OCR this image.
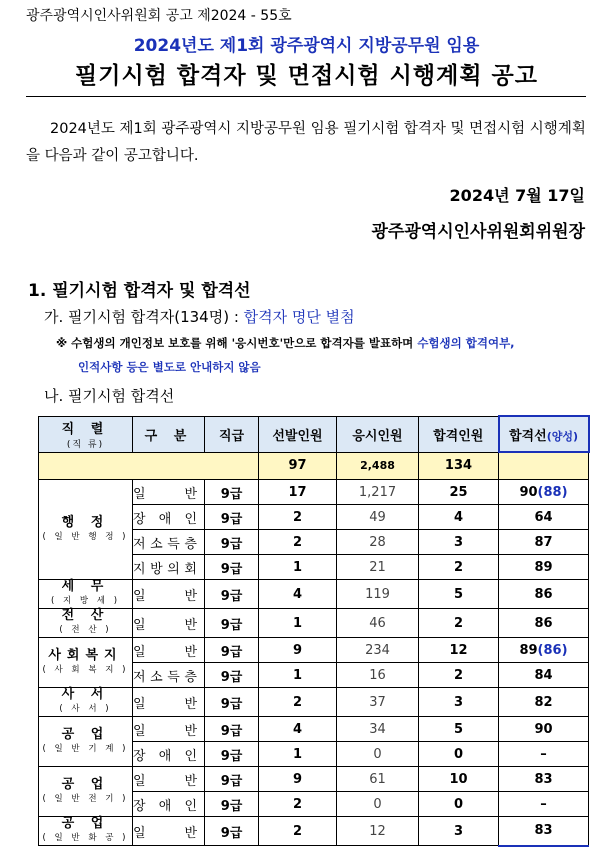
광주광역시인사위원회 공고 제2024 - 55호
2024년도 제1회 광주광역시 지방공무원 임용
필기시험 합격자 및 면접시험 시행계획 공고
2024년도 제1회 광주광역시 지방공무원 임용 필기시험 합격자 및 면접시험 시행계획을 다음과 같이 공고합니다.
2024년 7월 17일
광주광역시인사위원회위원장
1. 필기시험 합격자 및 합격선
가. 필기시험 합격자(134명) : 합격자 명단 별첨
※ 수험생의 개인정보 보호를 위해 '응시번호'만으로 합격자를 발표하며 수험생의 합격여부,
인적사항 등은 별도로 안내하지 않음
나. 필기시험 합격선
직 렬
(직 류)	구 분	직급	선발인원	응시인원	합격인원	합격선(양성)
			97	2,488	134	
행 정
( 일 반 행 정 )	일 반	9급	17	1,217	25	90(88)

	장 애 인	9급	2	49	4	64

	저 소 득 층	9급	2	28	3	87

	지 방 의 회	9급	1	21	2	89
세 무
( 지 방 세 )	일 반	9급	4	119	5	86
전 산
( 전 산 )	일 반	9급	1	46	2	86
사회복지
( 사 회 복 지 )	일 반	9급	9	234	12	89(86)

	저 소 득 층	9급	1	16	2	84
사 서
( 사 서 )	일 반	9급	2	37	3	82
공 업
( 일 반 기 계 )	일 반	9급	4	34	5	90

	장 애 인	9급	1	0	0	–
공 업
( 일 반 전 기 )	일 반	9급	9	61	10	83

	장 애 인	9급	2	0	0	–
공 업
( 일 반 화 공 )	일 반	9급	2	12	3	83
